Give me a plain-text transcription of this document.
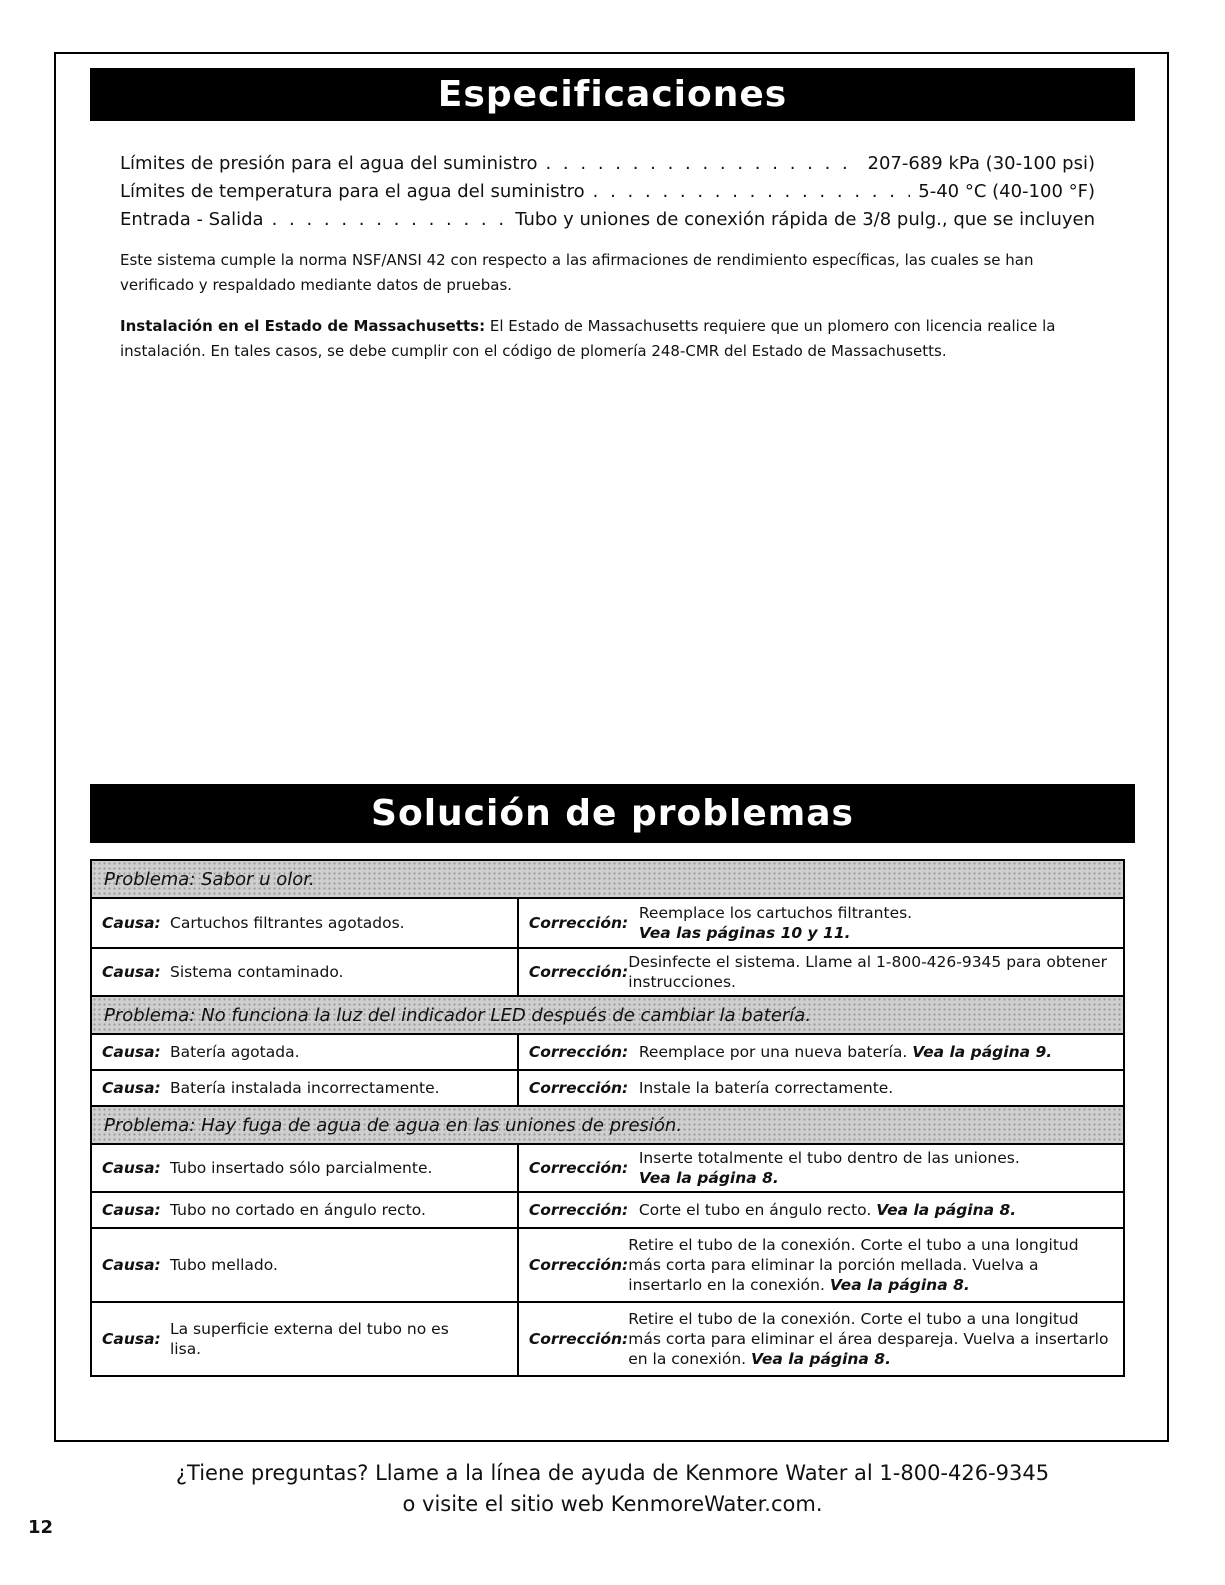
Especificaciones
Límites de presión para el agua del suministro . . .	207-689 kPa (30-100 psi)
Límites de temperatura para el agua del suministro . . .	5-40 °C (40-100 °F)
Entrada - Salida . . .	Tubo y uniones de conexión rápida de 3/8 pulg., que se incluyen
Este sistema cumple la norma NSF/ANSI 42 con respecto a las afirmaciones de rendimiento específicas, las cuales se han verificado y respaldado mediante datos de pruebas.
Instalación en el Estado de Massachusetts: El Estado de Massachusetts requiere que un plomero con licencia realice la instalación. En tales casos, se debe cumplir con el código de plomería 248-CMR del Estado de Massachusetts.
Solución de problemas
Problema: Sabor u olor.	

Causa: Cartuchos filtrantes agotados.	Corrección:
Reemplace los cartuchos filtrantes.
Vea las páginas 10 y 11.

Causa: Sistema contaminado.	Corrección:
Desinfecte el sistema. Llame al 1-800-426-9345 para obtener instrucciones.

Problema: No funciona la luz del indicador LED después de cambiar la batería.	

Causa: Batería agotada.	Corrección: Reemplace por una nueva batería. Vea la página 9.

Causa: Batería instalada incorrectamente.	Corrección: Instale la batería correctamente.

Problema: Hay fuga de agua de agua en las uniones de presión.	

Causa: Tubo insertado sólo parcialmente.	Corrección:
Inserte totalmente el tubo dentro de las uniones.
Vea la página 8.

Causa: Tubo no cortado en ángulo recto.	Corrección: Corte el tubo en ángulo recto. Vea la página 8.

Causa: Tubo mellado.	Corrección:
Retire el tubo de la conexión. Corte el tubo a una longitud más corta para eliminar la porción mellada. Vuelva a insertarlo en la conexión. Vea la página 8.

Causa:
La superficie externa del tubo no es lisa.	Corrección:
Retire el tubo de la conexión. Corte el tubo a una longitud más corta para eliminar el área despareja. Vuelva a insertarlo en la conexión. Vea la página 8.
¿Tiene preguntas? Llame a la línea de ayuda de Kenmore Water al 1-800-426-9345
o visite el sitio web KenmoreWater.com.
12
